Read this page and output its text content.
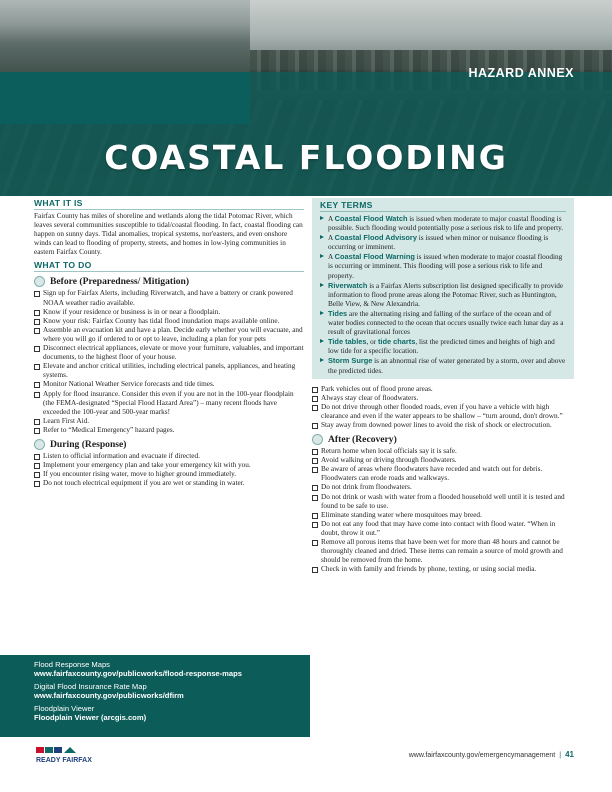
HAZARD ANNEX
COASTAL FLOODING
WHAT IT IS

Fairfax County has miles of shoreline and wetlands along the tidal Potomac River, which leaves several communities susceptible to tidal/coastal flooding. In fact, coastal flooding can happen on sunny days. Tidal anomalies, tropical systems, nor'easters, and even onshore winds can lead to flooding of property, streets, and homes in low-lying communities in eastern Fairfax County.

WHAT TO DO
Before (Preparedness/ Mitigation)
Sign up for Fairfax Alerts, including Riverwatch, and have a battery or crank powered NOAA weather radio available.
Know if your residence or business is in or near a floodplain.
Know your risk: Fairfax County has tidal flood inundation maps available online.
Assemble an evacuation kit and have a plan. Decide early whether you will evacuate, and where you will go if ordered to or opt to leave, including a plan for your pets
Disconnect electrical appliances, elevate or move your furniture, valuables, and important documents, to the highest floor of your house.
Elevate and anchor critical utilities, including electrical panels, appliances, and heating systems.
Monitor National Weather Service forecasts and tide times.
Apply for flood insurance. Consider this even if you are not in the 100-year floodplain (the FEMA-designated “Special Flood Hazard Area”) – many recent floods have exceeded the 100-year and 500-year marks!
Learn First Aid.
Refer to “Medical Emergency” hazard pages.
During (Response)
Listen to official information and evacuate if directed.
Implement your emergency plan and take your emergency kit with you.
If you encounter rising water, move to higher ground immediately.
Do not touch electrical equipment if you are wet or standing in water.
KEY TERMS
A Coastal Flood Watch is issued when moderate to major coastal flooding is possible. Such flooding would potentially pose a serious risk to life and property.
A Coastal Flood Advisory is issued when minor or nuisance flooding is occurring or imminent.
A Coastal Flood Warning is issued when moderate to major coastal flooding is occurring or imminent. This flooding will pose a serious risk to life and property.
Riverwatch is a Fairfax Alerts subscription list designed specifically to provide information to flood prone areas along the Potomac River, such as Huntington, Belle View, & New Alexandria.
Tides are the alternating rising and falling of the surface of the ocean and of water bodies connected to the ocean that occurs usually twice each lunar day as a result of gravitational forces
Tide tables, or tide charts, list the predicted times and heights of high and low tide for a specific location.
Storm Surge is an abnormal rise of water generated by a storm, over and above the predicted tides.
Park vehicles out of flood prone areas.
Always stay clear of floodwaters.
Do not drive through other flooded roads, even if you have a vehicle with high clearance and even if the water appears to be shallow – “turn around, don't drown.”
Stay away from downed power lines to avoid the risk of shock or electrocution.
After (Recovery)
Return home when local officials say it is safe.
Avoid walking or driving through floodwaters.
Be aware of areas where floodwaters have receded and watch out for debris. Floodwaters can erode roads and walkways.
Do not drink from floodwaters.
Do not drink or wash with water from a flooded household well until it is tested and found to be safe to use.
Eliminate standing water where mosquitoes may breed.
Do not eat any food that may have come into contact with flood water. “When in doubt, throw it out.”
Remove all porous items that have been wet for more than 48 hours and cannot be thoroughly cleaned and dried. These items can remain a source of mold growth and should be removed from the home.
Check in with family and friends by phone, texting, or using social media.
Flood Response Maps
www.fairfaxcounty.gov/publicworks/flood-response-maps
Digital Flood Insurance Rate Map
www.fairfaxcounty.gov/publicworks/dfirm
Floodplain Viewer
Floodplain Viewer (arcgis.com)
READY FAIRFAX
www.fairfaxcounty.gov/emergencymanagement | 41
